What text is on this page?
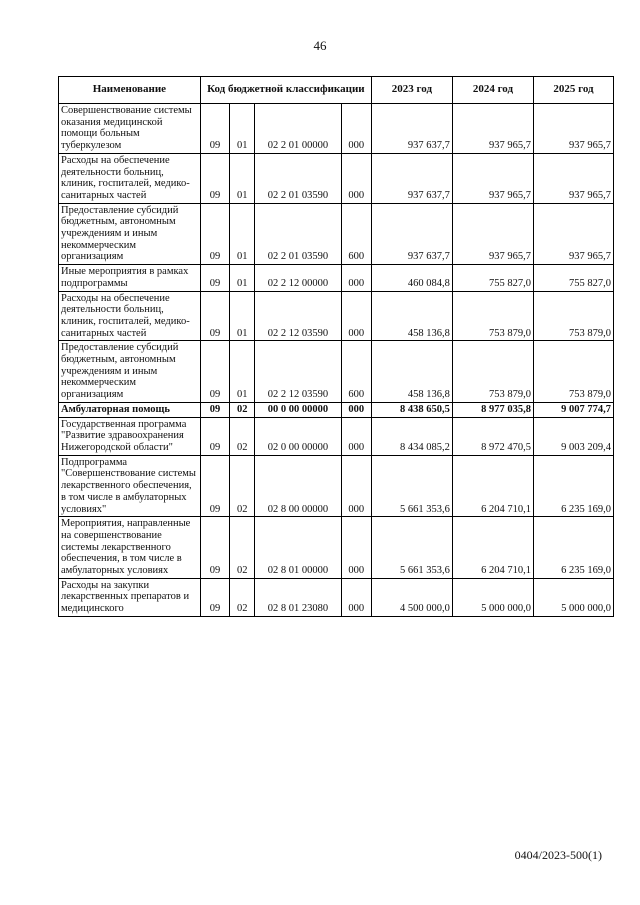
46
Наименование	Код бюджетной классификации				2023 год	2024 год	2025 год

Совершенствование системы оказания медицинской помощи больным туберкулезом	09	01	02 2 01 00000	000	937 637,7	937 965,7	937 965,7

Расходы на обеспечение деятельности больниц, клиник, госпиталей, медико-санитарных частей	09	01	02 2 01 03590	000	937 637,7	937 965,7	937 965,7

Предоставление субсидий бюджетным, автономным учреждениям и иным некоммерческим организациям	09	01	02 2 01 03590	600	937 637,7	937 965,7	937 965,7

Иные мероприятия в рамках подпрограммы	09	01	02 2 12 00000	000	460 084,8	755 827,0	755 827,0

Расходы на обеспечение деятельности больниц, клиник, госпиталей, медико-санитарных частей	09	01	02 2 12 03590	000	458 136,8	753 879,0	753 879,0

Предоставление субсидий бюджетным, автономным учреждениям и иным некоммерческим организациям	09	01	02 2 12 03590	600	458 136,8	753 879,0	753 879,0

Амбулаторная помощь	09	02	00 0 00 00000	000	8 438 650,5	8 977 035,8	9 007 774,7

Государственная программа "Развитие здравоохранения Нижегородской области"	09	02	02 0 00 00000	000	8 434 085,2	8 972 470,5	9 003 209,4

Подпрограмма "Совершенствование системы лекарственного обеспечения, в том числе в амбулаторных условиях"	09	02	02 8 00 00000	000	5 661 353,6	6 204 710,1	6 235 169,0

Мероприятия, направленные на совершенствование системы лекарственного обеспечения, в том числе в амбулаторных условиях	09	02	02 8 01 00000	000	5 661 353,6	6 204 710,1	6 235 169,0

Расходы на закупки лекарственных препаратов и медицинского	09	02	02 8 01 23080	000	4 500 000,0	5 000 000,0	5 000 000,0
0404/2023-500(1)
